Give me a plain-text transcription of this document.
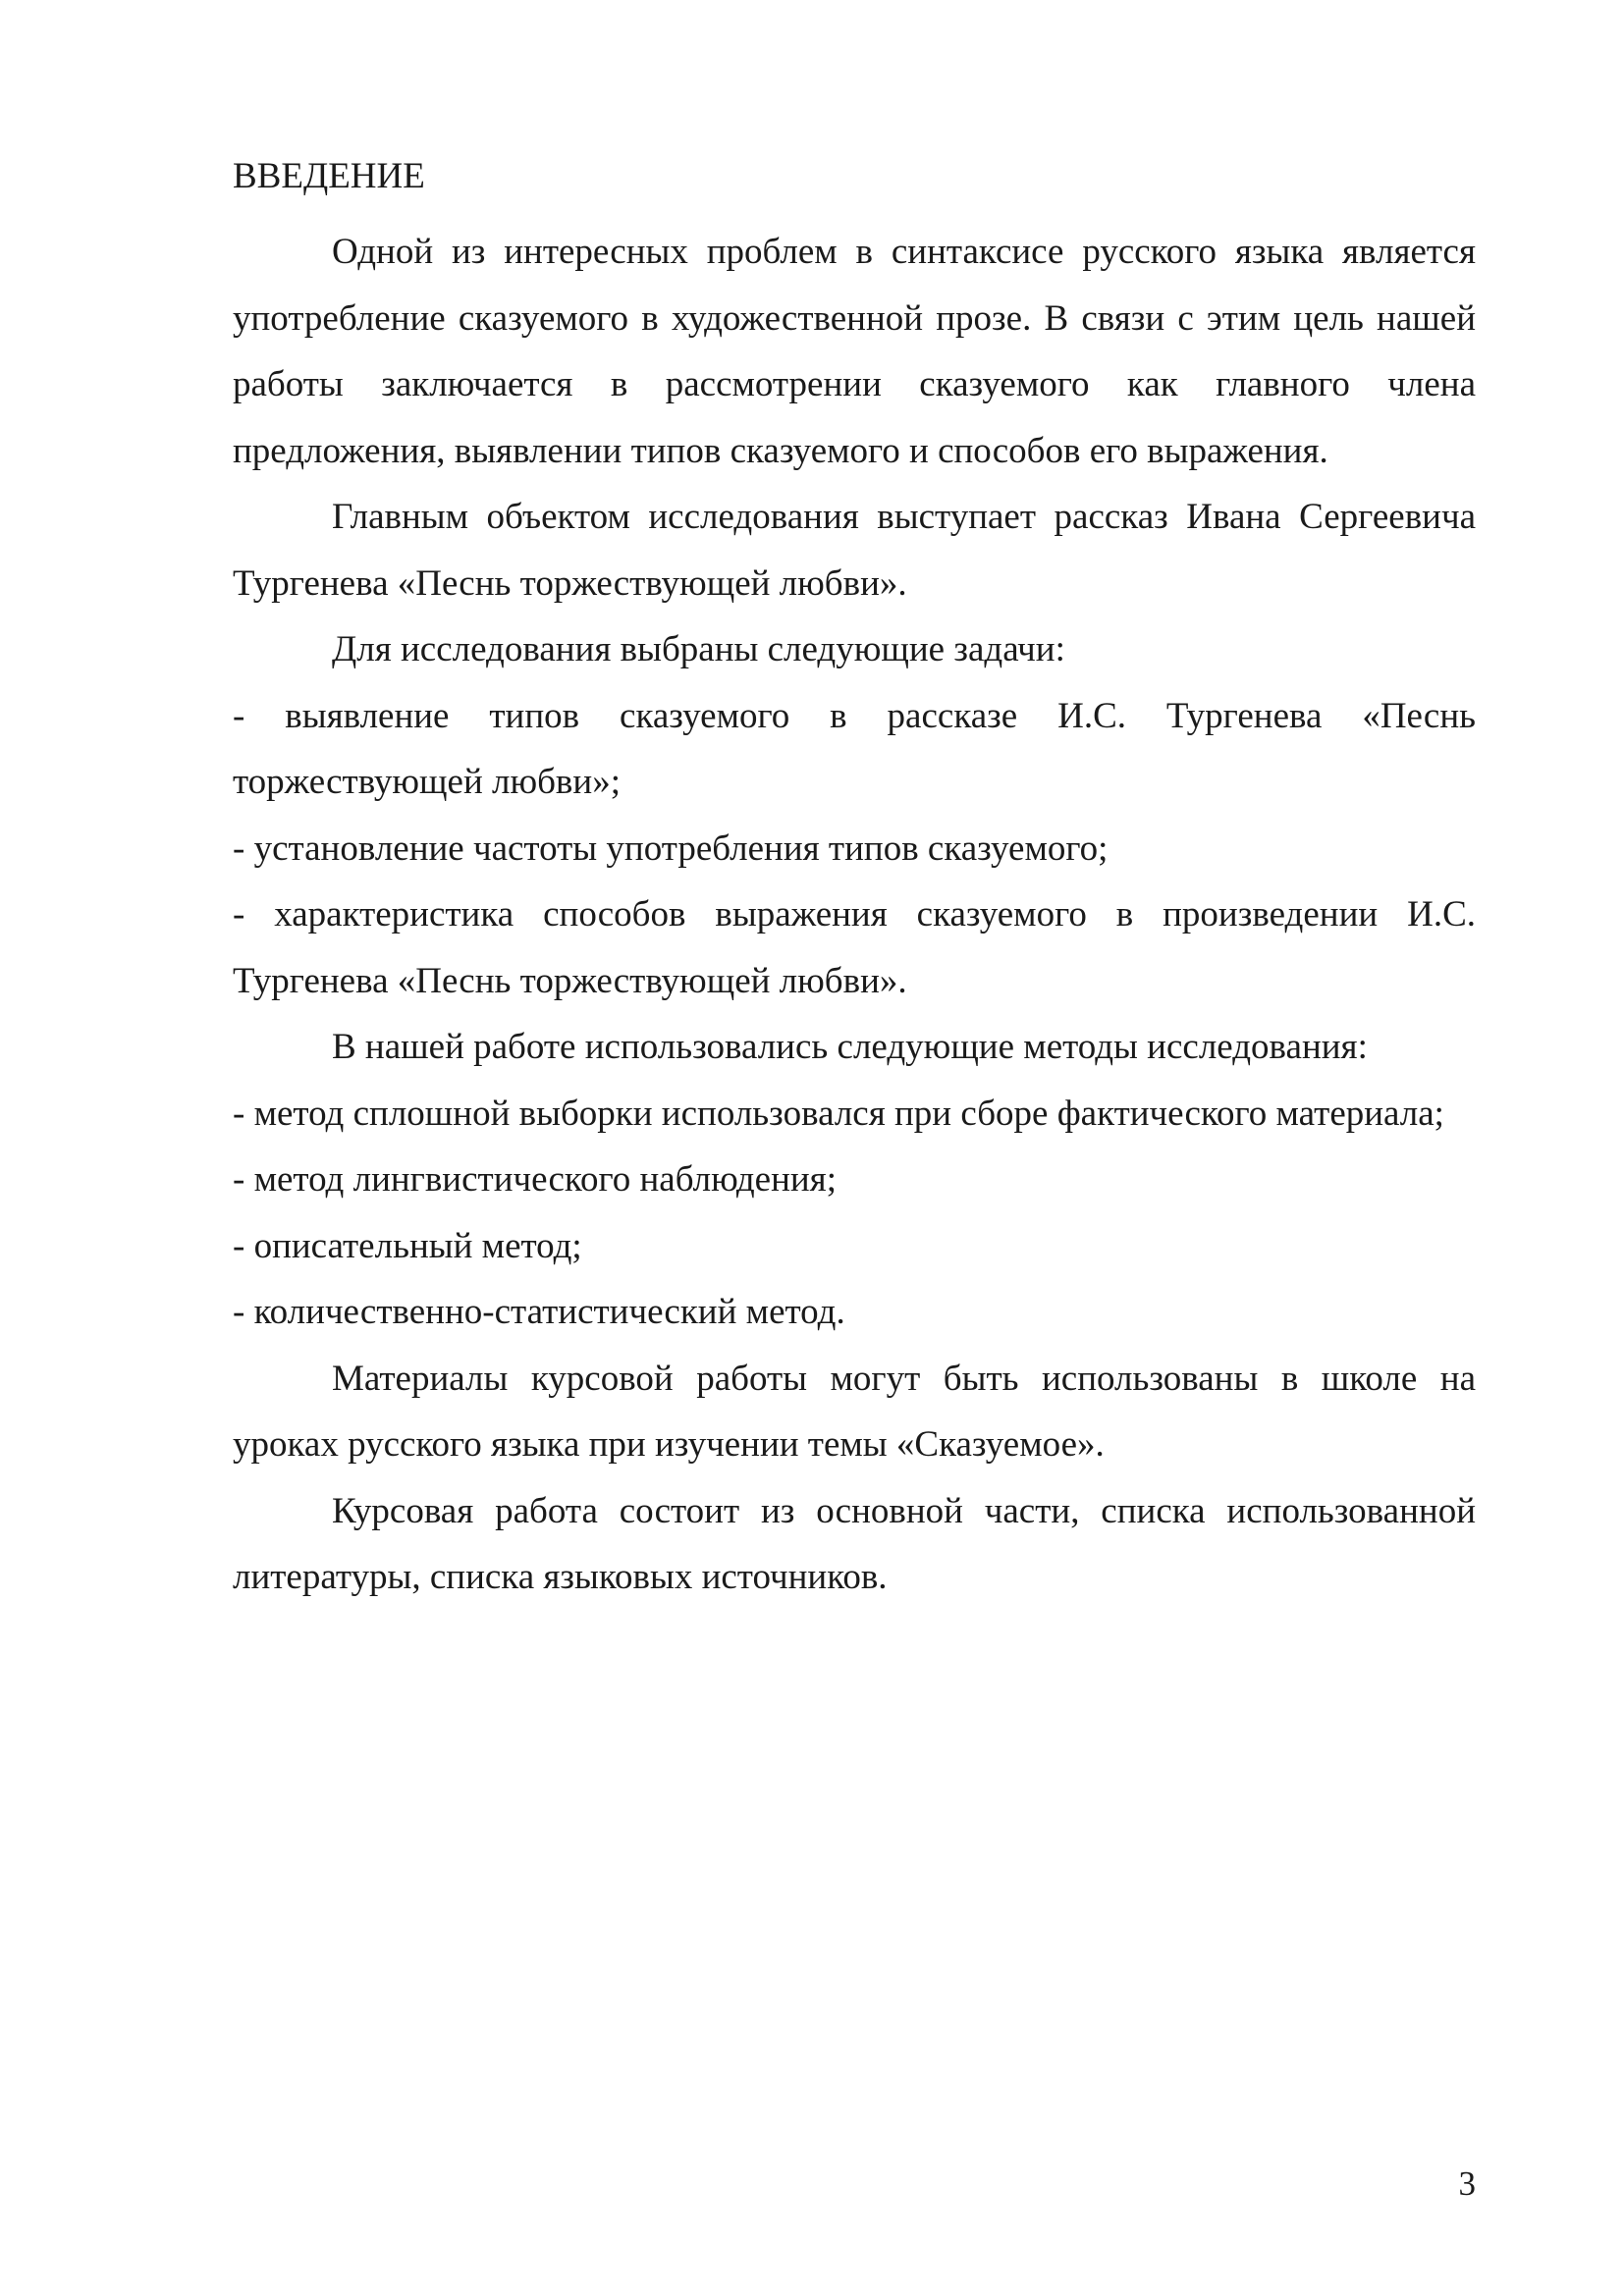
ВВЕДЕНИЕ

Одной из интересных проблем в синтаксисе русского языка является употребление сказуемого в художественной прозе. В связи с этим цель нашей работы заключается в рассмотрении сказуемого как главного члена предложения, выявлении типов сказуемого и способов его выражения.

Главным объектом исследования выступает рассказ Ивана Сергеевича Тургенева «Песнь торжествующей любви».

Для исследования выбраны следующие задачи:

- выявление типов сказуемого в рассказе И.С. Тургенева «Песнь торжествующей любви»;

- установление частоты употребления типов сказуемого;

- характеристика способов выражения сказуемого в произведении И.С. Тургенева «Песнь торжествующей любви».

В нашей работе использовались следующие методы исследования:

- метод сплошной выборки использовался при сборе фактического материала;

- метод лингвистического наблюдения;

- описательный метод;

- количественно-статистический метод.

Материалы курсовой работы могут быть использованы в школе на уроках русского языка при изучении темы «Сказуемое».

Курсовая работа состоит из основной части, списка использованной литературы, списка языковых источников.

3
